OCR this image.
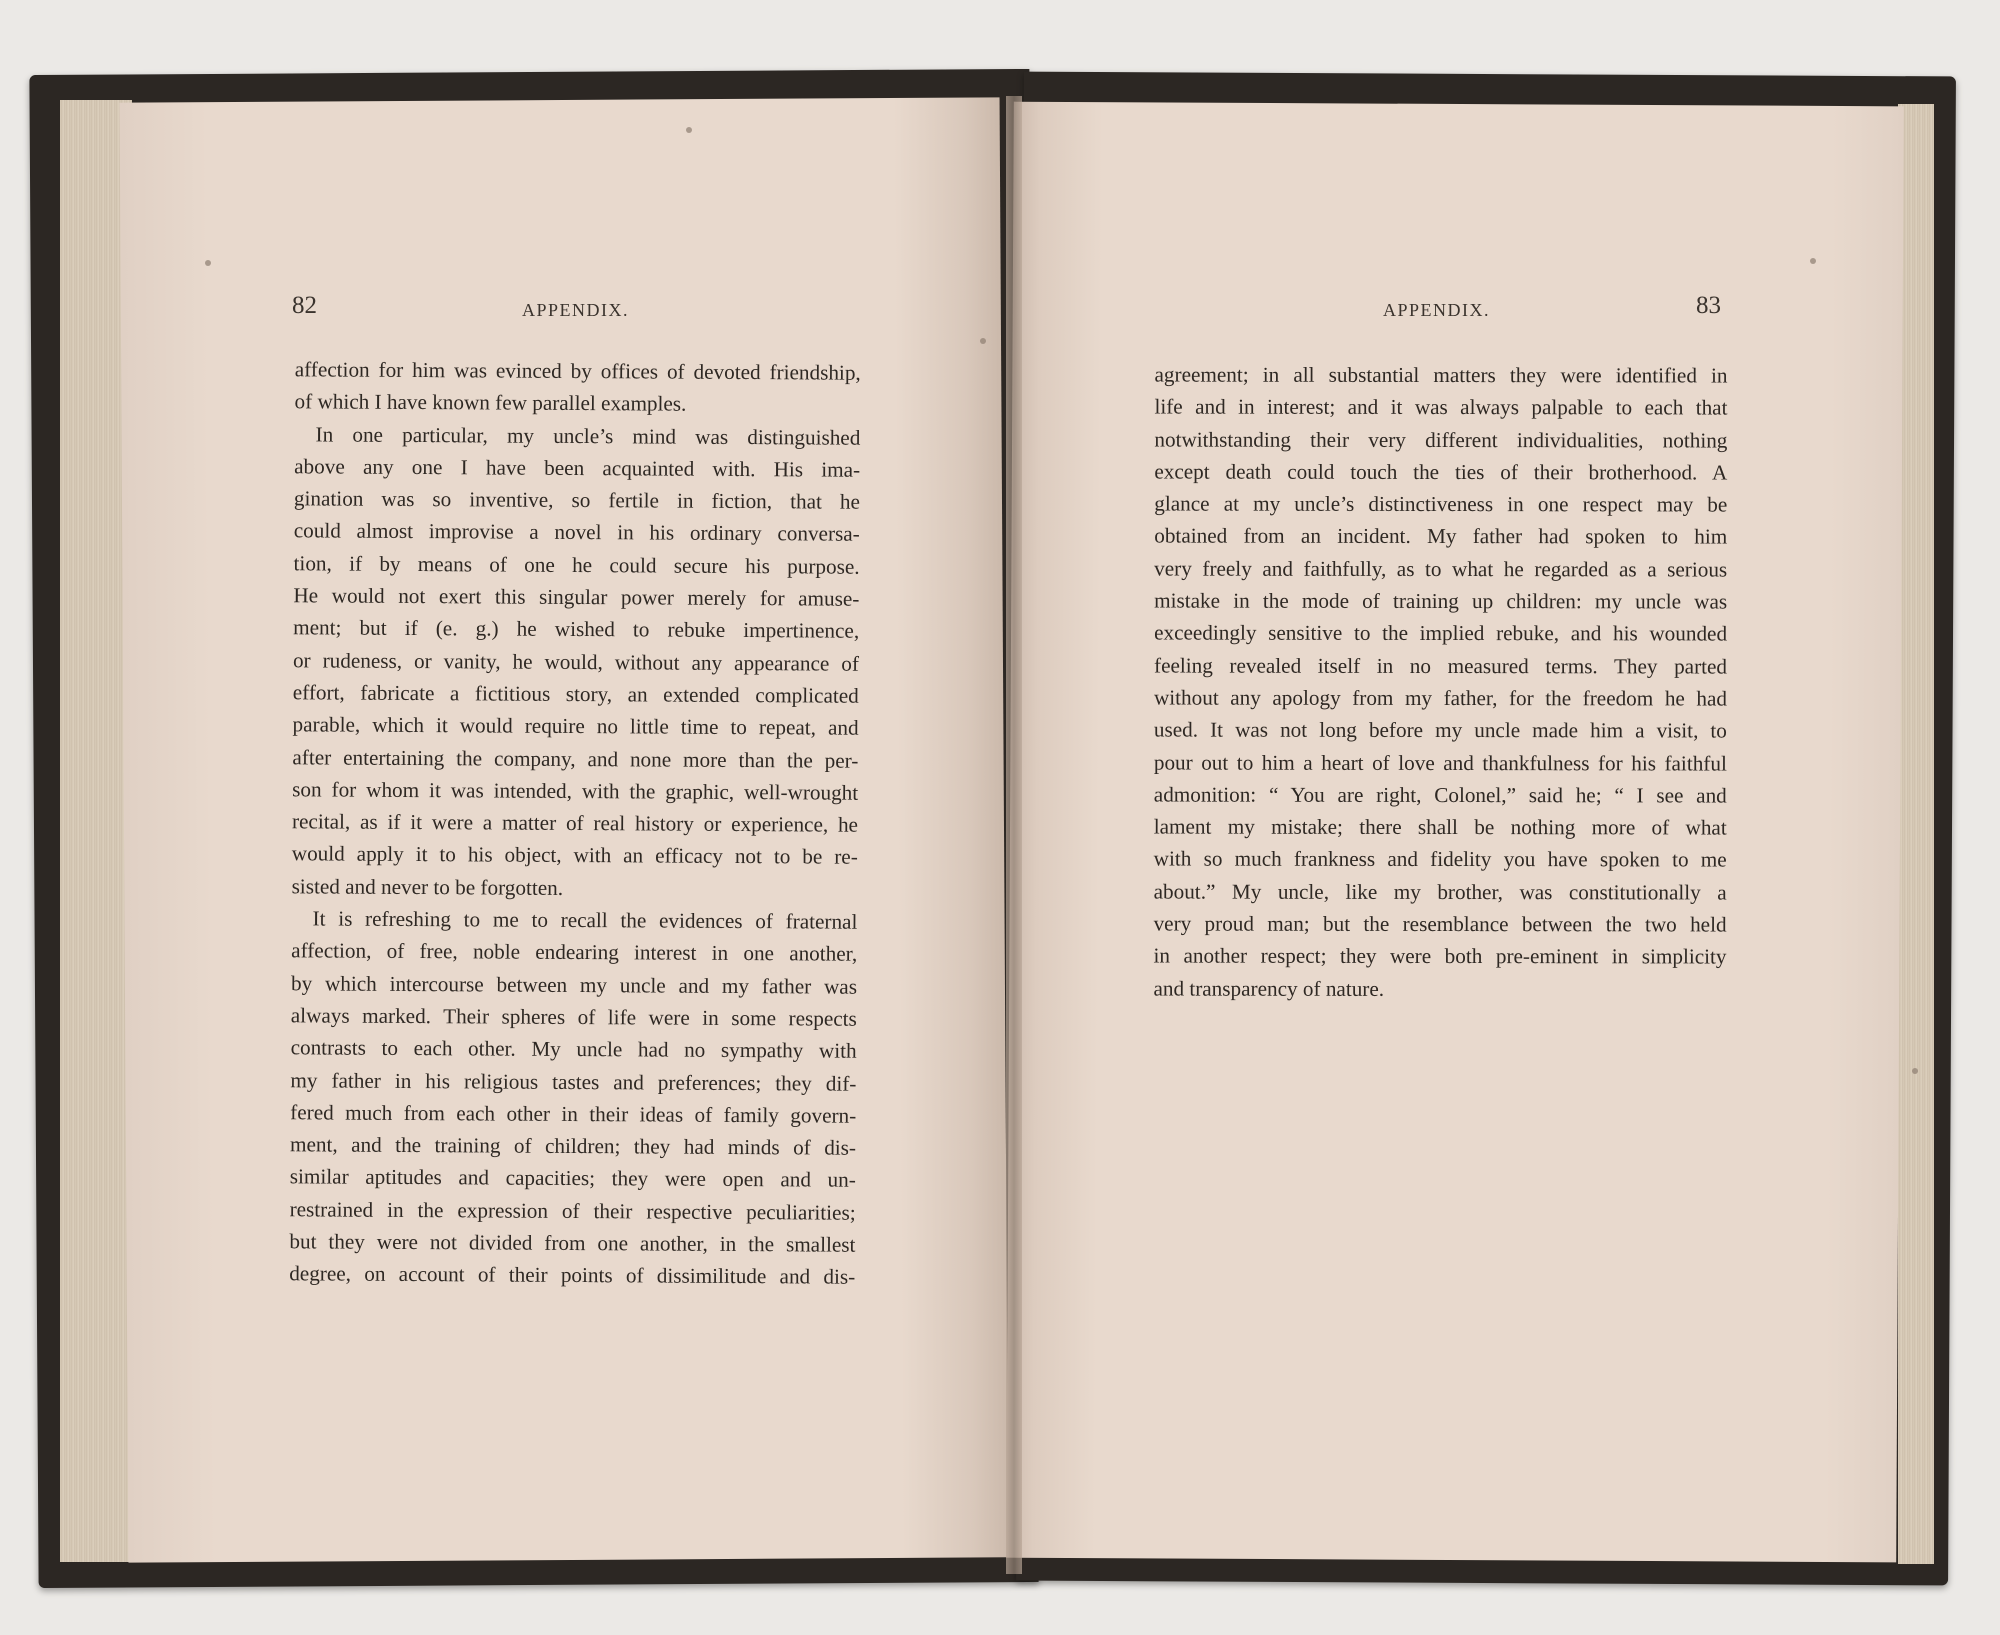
82	APPENDIX.	APPENDIX.	83
affection for him was evinced by offices of devoted friendship,
of which I have known few parallel examples.
 In one particular, my uncle’s mind was distinguished
above any one I have been acquainted with. His ima-
gination was so inventive, so fertile in fiction, that he
could almost improvise a novel in his ordinary conversa-
tion, if by means of one he could secure his purpose.
He would not exert this singular power merely for amuse-
ment; but if (e. g.) he wished to rebuke impertinence,
or rudeness, or vanity, he would, without any appearance of
effort, fabricate a fictitious story, an extended complicated
parable, which it would require no little time to repeat, and
after entertaining the company, and none more than the per-
son for whom it was intended, with the graphic, well-wrought
recital, as if it were a matter of real history or experience, he
would apply it to his object, with an efficacy not to be re-
sisted and never to be forgotten.
 It is refreshing to me to recall the evidences of fraternal
affection, of free, noble endearing interest in one another,
by which intercourse between my uncle and my father was
always marked. Their spheres of life were in some respects
contrasts to each other. My uncle had no sympathy with
my father in his religious tastes and preferences; they dif-
fered much from each other in their ideas of family govern-
ment, and the training of children; they had minds of dis-
similar aptitudes and capacities; they were open and un-
restrained in the expression of their respective peculiarities;
but they were not divided from one another, in the smallest
degree, on account of their points of dissimilitude and dis-
agreement; in all substantial matters they were identified in
life and in interest; and it was always palpable to each that
notwithstanding their very different individualities, nothing
except death could touch the ties of their brotherhood. A
glance at my uncle’s distinctiveness in one respect may be
obtained from an incident. My father had spoken to him
very freely and faithfully, as to what he regarded as a serious
mistake in the mode of training up children: my uncle was
exceedingly sensitive to the implied rebuke, and his wounded
feeling revealed itself in no measured terms. They parted
without any apology from my father, for the freedom he had
used. It was not long before my uncle made him a visit, to
pour out to him a heart of love and thankfulness for his faithful
admonition: “ You are right, Colonel,” said he; “ I see and
lament my mistake; there shall be nothing more of what
with so much frankness and fidelity you have spoken to me
about.” My uncle, like my brother, was constitutionally a
very proud man; but the resemblance between the two held
in another respect; they were both pre-eminent in simplicity
and transparency of nature.
